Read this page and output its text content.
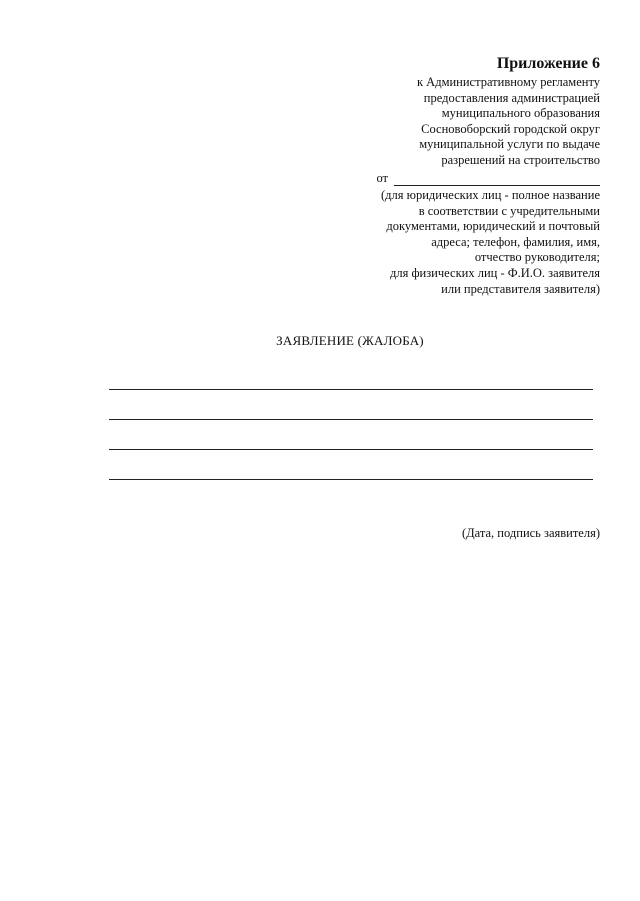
Приложение 6
к Административному регламенту
предоставления администрацией
муниципального образования
Сосновоборский городской округ
муниципальной услуги по выдаче
разрешений на строительство
от
(для юридических лиц - полное название
в соответствии с учредительными
документами, юридический и почтовый
адреса; телефон, фамилия, имя,
отчество руководителя;
для физических лиц - Ф.И.О. заявителя
или представителя заявителя)
ЗАЯВЛЕНИЕ (ЖАЛОБА)
(Дата, подпись заявителя)
